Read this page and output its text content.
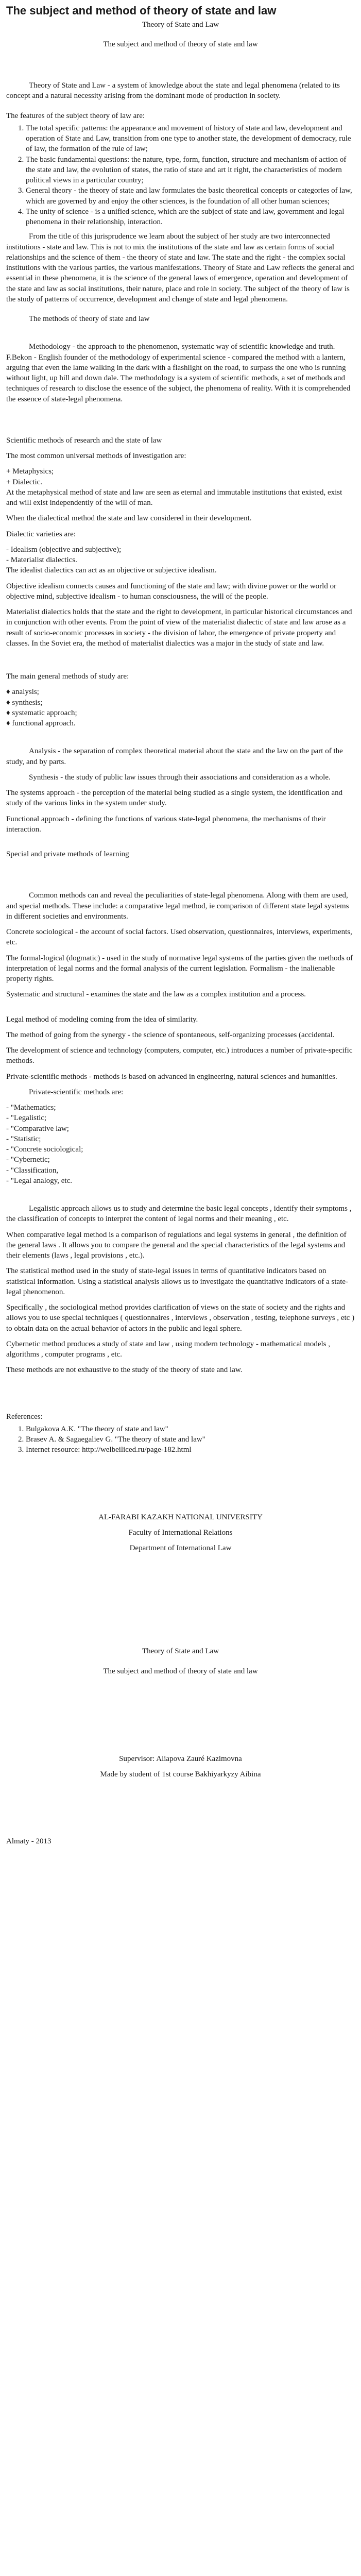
The subject and method of theory of state and law

Theory of State and Law

The subject and method of theory of state and law

Theory of State and Law - a system of knowledge about the state and legal phenomena (related to its concept and a natural necessity arising from the dominant mode of production in society.

The features of the subject theory of law are:

1. The total specific patterns: the appearance and movement of history of state and law, development and operation of State and Law, transition from one type to another state, the development of democracy, rule of law, the formation of the rule of law;
2. The basic fundamental questions: the nature, type, form, function, structure and mechanism of action of the state and law, the evolution of states, the ratio of state and art it right, the characteristics of modern political views in a particular country;
3. General theory - the theory of state and law formulates the basic theoretical concepts or categories of law, which are governed by and enjoy the other sciences, is the foundation of all other human sciences;
4. The unity of science - is a unified science, which are the subject of state and law, government and legal phenomena in their relationship, interaction.

From the title of this jurisprudence we learn about the subject of her study are two interconnected institutions - state and law. This is not to mix the institutions of the state and law as certain forms of social relationships and the science of them - the theory of state and law. The state and the right - the complex social institutions with the various parties, the various manifestations. Theory of State and Law reflects the general and essential in these phenomena, it is the science of the general laws of emergence, operation and development of the state and law as social institutions, their nature, place and role in society. The subject of the theory of law is the study of patterns of occurrence, development and change of state and legal phenomena.

The methods of theory of state and law

Methodology - the approach to the phenomenon, systematic way of scientific knowledge and truth. F.Bekon - English founder of the methodology of experimental science - compared the method with a lantern, arguing that even the lame walking in the dark with a flashlight on the road, to surpass the one who is running without light, up hill and down dale. The methodology is a system of scientific methods, a set of methods and techniques of research to disclose the essence of the subject, the phenomena of reality. With it is comprehended the essence of state-legal phenomena.

Scientific methods of research and the state of law

The most common universal methods of investigation are:

+ Metaphysics;
+ Dialectic.

At the metaphysical method of state and law are seen as eternal and immutable institutions that existed, exist and will exist independently of the will of man.

When the dialectical method the state and law considered in their development.

Dialectic varieties are:

- Idealism (objective and subjective);
- Materialist dialectics.

The idealist dialectics can act as an objective or subjective idealism.

Objective idealism connects causes and functioning of the state and law; with divine power or the world or objective mind, subjective idealism - to human consciousness, the will of the people.

Materialist dialectics holds that the state and the right to development, in particular historical circumstances and in conjunction with other events. From the point of view of the materialist dialectic of state and law arose as a result of socio-economic processes in society - the division of labor, the emergence of private property and classes. In the Soviet era, the method of materialist dialectics was a major in the study of state and law.

The main general methods of study are:

♦ analysis;
♦ synthesis;
♦ systematic approach;
♦ functional approach.

Analysis - the separation of complex theoretical material about the state and the law on the part of the study, and by parts.

Synthesis - the study of public law issues through their associations and consideration as a whole.

The systems approach - the perception of the material being studied as a single system, the identification and study of the various links in the system under study.

Functional approach - defining the functions of various state-legal phenomena, the mechanisms of their interaction.

Special and private methods of learning

Common methods can and reveal the peculiarities of state-legal phenomena. Along with them are used, and special methods. These include: a comparative legal method, ie comparison of different state legal systems in different societies and environments.

Concrete sociological - the account of social factors. Used observation, questionnaires, interviews, experiments, etc.

The formal-logical (dogmatic) - used in the study of normative legal systems of the parties given the methods of interpretation of legal norms and the formal analysis of the current legislation. Formalism - the inalienable property rights.

Systematic and structural - examines the state and the law as a complex institution and a process.

Legal method of modeling coming from the idea of similarity.

The method of going from the synergy - the science of spontaneous, self-organizing processes (accidental.

The development of science and technology (computers, computer, etc.) introduces a number of private-specific methods.

Private-scientific methods - methods is based on advanced in engineering, natural sciences and humanities.

Private-scientific methods are:

- "Mathematics;
- "Legalistic;
- "Comparative law;
- "Statistic;
- "Concrete sociological;
- "Cybernetic;
- "Classification,
- "Legal analogy, etc.

Legalistic approach allows us to study and determine the basic legal concepts , identify their symptoms , the classification of concepts to interpret the content of legal norms and their meaning , etc.

When comparative legal method is a comparison of regulations and legal systems in general , the definition of the general laws . It allows you to compare the general and the special characteristics of the legal systems and their elements (laws , legal provisions , etc.).

The statistical method used in the study of state-legal issues in terms of quantitative indicators based on statistical information. Using a statistical analysis allows us to investigate the quantitative indicators of a state-legal phenomenon.

Specifically , the sociological method provides clarification of views on the state of society and the rights and allows you to use special techniques ( questionnaires , interviews , observation , testing, telephone surveys , etc ) to obtain data on the actual behavior of actors in the public and legal sphere.

Cybernetic method produces a study of state and law , using modern technology - mathematical models , algorithms , computer programs , etc.

These methods are not exhaustive to the study of the theory of state and law.

References:

1. Bulgakova A.K. "The theory of state and law"
2. Brasev A. & Sagaegaliev G. "The theory of state and law"
3. Internet resource: http://welbeiliced.ru/page-182.html

AL-FARABI KAZAKH NATIONAL UNIVERSITY

Faculty of International Relations

Department of International Law

Theory of State and Law

The subject and method of theory of state and law

Supervisor: Aliapova Zauré Kazimovna

Made by student of 1st course Bakhiyarkyzy Aibina

Almaty - 2013
